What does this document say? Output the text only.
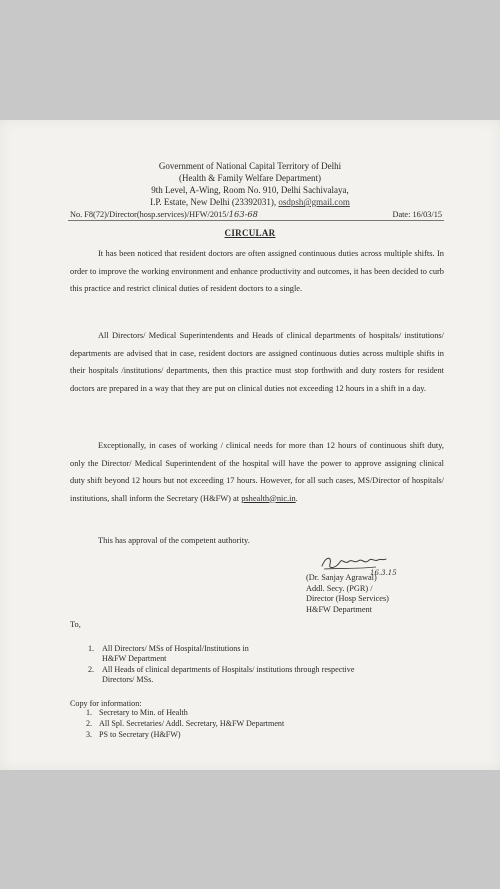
Government of National Capital Territory of Delhi
(Health & Family Welfare Department)
9th Level, A-Wing, Room No. 910, Delhi Sachivalaya,
I.P. Estate, New Delhi (23392031), osdpsh@gmail.com
No. F8(72)/Director(hosp.services)/HFW/2015/163-68	Date: 16/03/15
CIRCULAR
It has been noticed that resident doctors are often assigned continuous duties across multiple shifts. In order to improve the working environment and enhance productivity and outcomes, it has been decided to curb this practice and restrict clinical duties of resident doctors to a single.
All Directors/ Medical Superintendents and Heads of clinical departments of hospitals/ institutions/ departments are advised that in case, resident doctors are assigned continuous duties across multiple shifts in their hospitals /institutions/ departments, then this practice must stop forthwith and duty rosters for resident doctors are prepared in a way that they are put on clinical duties not exceeding 12 hours in a shift in a day.
Exceptionally, in cases of working / clinical needs for more than 12 hours of continuous shift duty, only the Director/ Medical Superintendent of the hospital will have the power to approve assigning clinical duty shift beyond 12 hours but not exceeding 17 hours. However, for all such cases, MS/Director of hospitals/ institutions, shall inform the Secretary (H&FW) at pshealth@nic.in.
This has approval of the competent authority.
16.3.15
(Dr. Sanjay Agrawal)
Addl. Secy. (PGR) /
Director (Hosp Services)
H&FW Department
To,
1. All Directors/ MSs of Hospital/Institutions in
H&FW Department
2. All Heads of clinical departments of Hospitals/ institutions through respective
Directors/ MSs.
Copy for information:
1. Secretary to Min. of Health
2. All Spl. Secretaries/ Addl. Secretary, H&FW Department
3. PS to Secretary (H&FW)
